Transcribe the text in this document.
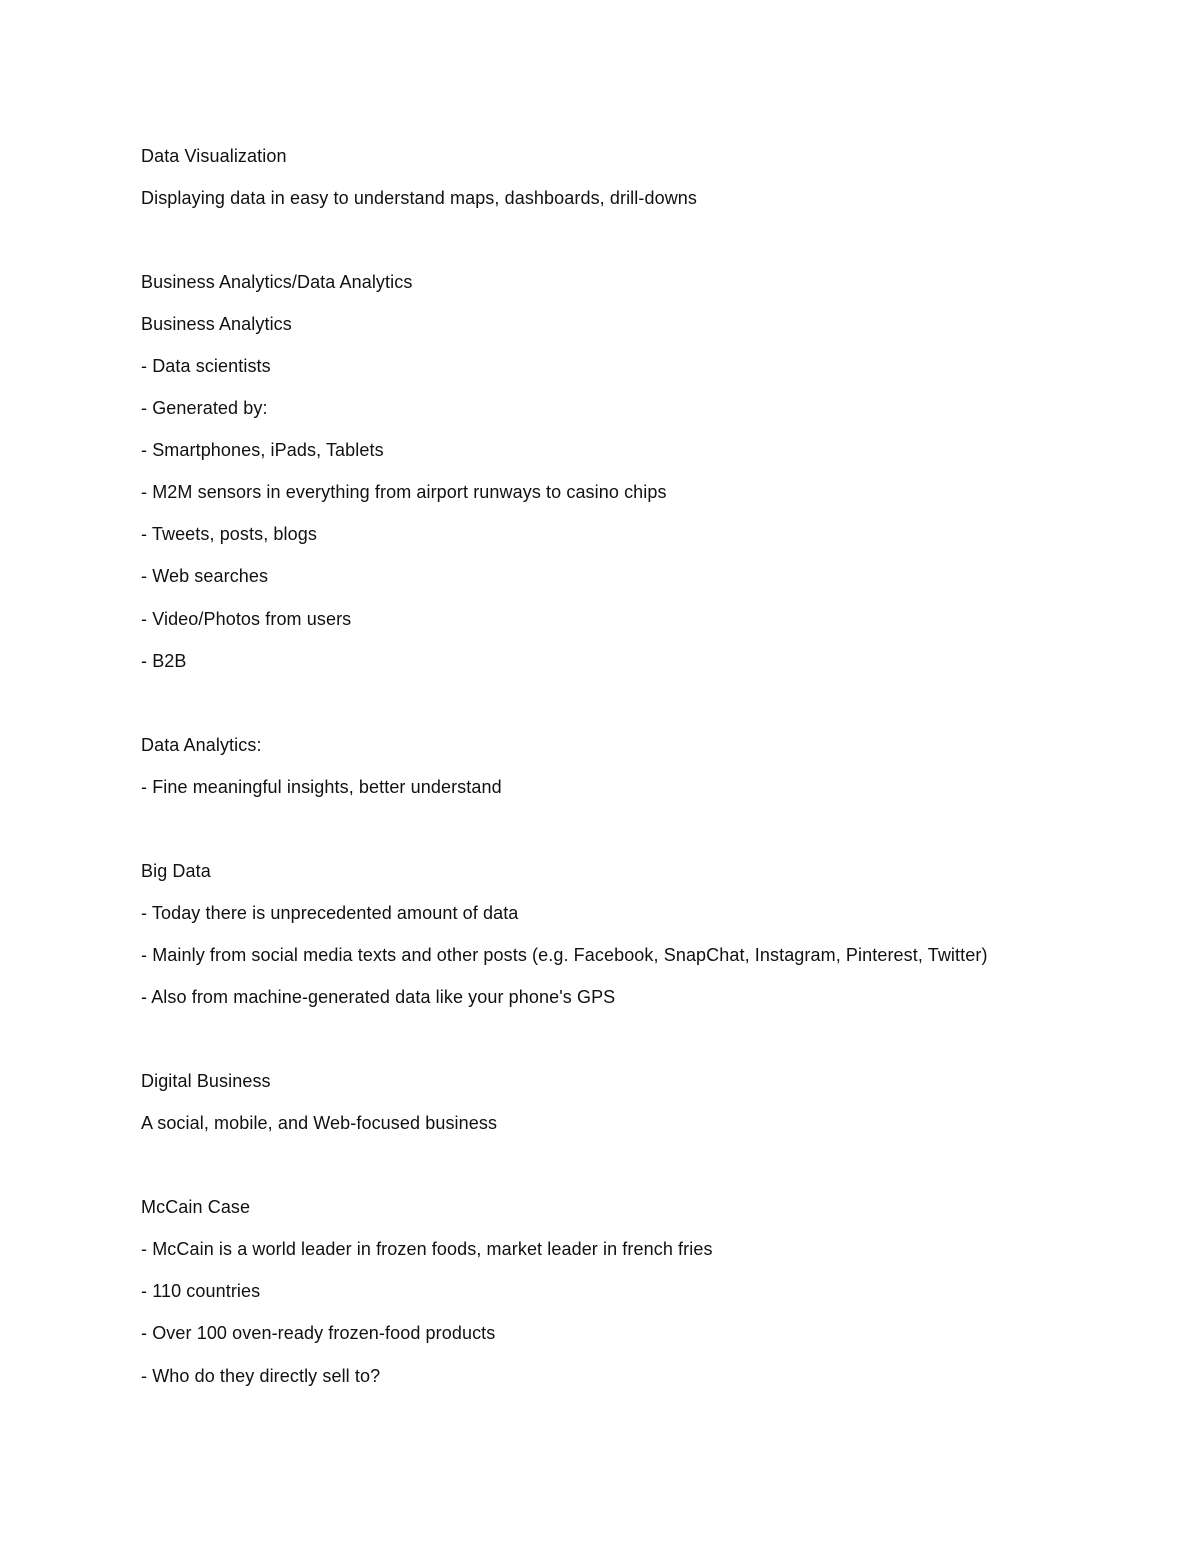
Data Visualization
Displaying data in easy to understand maps, dashboards, drill-downs
Business Analytics/Data Analytics
Business Analytics
- Data scientists
- Generated by:
- Smartphones, iPads, Tablets
- M2M sensors in everything from airport runways to casino chips
- Tweets, posts, blogs
- Web searches
- Video/Photos from users
- B2B
Data Analytics:
- Fine meaningful insights, better understand
Big Data
- Today there is unprecedented amount of data
- Mainly from social media texts and other posts (e.g. Facebook, SnapChat, Instagram, Pinterest, Twitter)
- Also from machine-generated data like your phone's GPS
Digital Business
A social, mobile, and Web-focused business
McCain Case
- McCain is a world leader in frozen foods, market leader in french fries
- 110 countries
- Over 100 oven-ready frozen-food products
- Who do they directly sell to?
